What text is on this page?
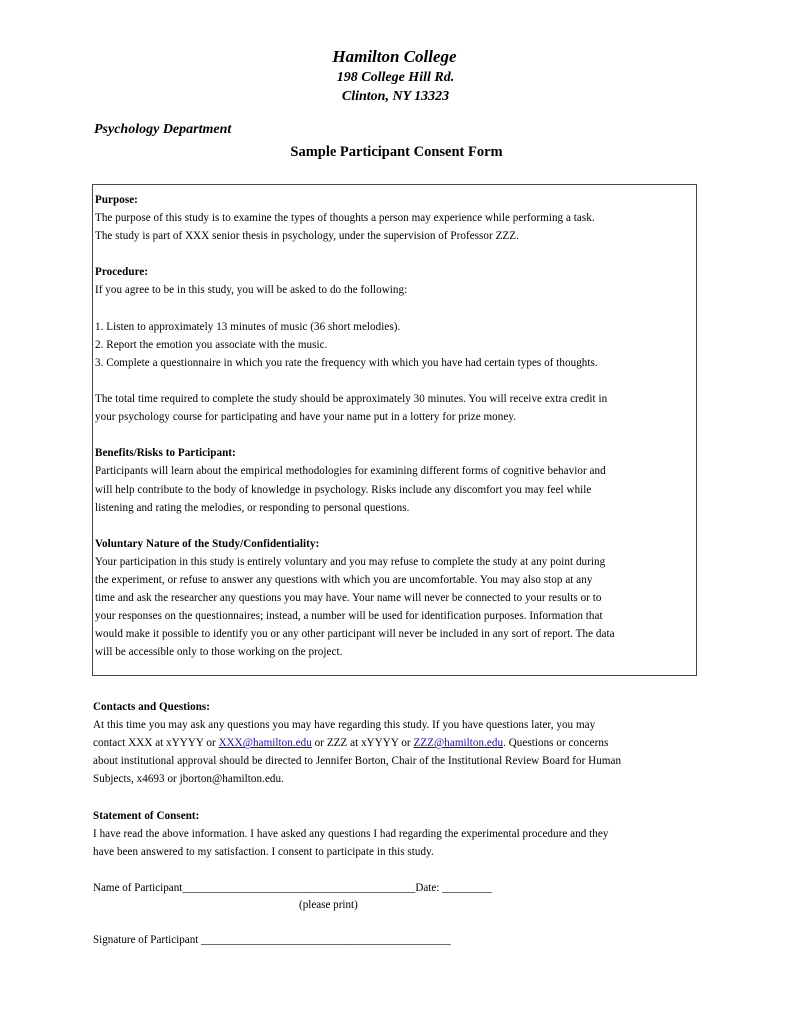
Hamilton College
198 College Hill Rd.
Clinton, NY 13323
Psychology Department
Sample Participant Consent Form
Purpose:
The purpose of this study is to examine the types of thoughts a person may experience while performing a task.
The study is part of XXX senior thesis in psychology, under the supervision of Professor ZZZ.
Procedure:
If you agree to be in this study, you will be asked to do the following:
1. Listen to approximately 13 minutes of music (36 short melodies).
2. Report the emotion you associate with the music.
3. Complete a questionnaire in which you rate the frequency with which you have had certain types of thoughts.
The total time required to complete the study should be approximately 30 minutes. You will receive extra credit in
your psychology course for participating and have your name put in a lottery for prize money.
Benefits/Risks to Participant:
Participants will learn about the empirical methodologies for examining different forms of cognitive behavior and
will help contribute to the body of knowledge in psychology. Risks include any discomfort you may feel while
listening and rating the melodies, or responding to personal questions.
Voluntary Nature of the Study/Confidentiality:
Your participation in this study is entirely voluntary and you may refuse to complete the study at any point during
the experiment, or refuse to answer any questions with which you are uncomfortable. You may also stop at any
time and ask the researcher any questions you may have. Your name will never be connected to your results or to
your responses on the questionnaires; instead, a number will be used for identification purposes. Information that
would make it possible to identify you or any other participant will never be included in any sort of report. The data
will be accessible only to those working on the project.
Contacts and Questions:
At this time you may ask any questions you may have regarding this study. If you have questions later, you may
contact XXX at xYYYY or XXX@hamilton.edu or ZZZ at xYYYY or ZZZ@hamilton.edu. Questions or concerns
about institutional approval should be directed to Jennifer Borton, Chair of the Institutional Review Board for Human
Subjects, x4693 or jborton@hamilton.edu.
Statement of Consent:
I have read the above information. I have asked any questions I had regarding the experimental procedure and they
have been answered to my satisfaction. I consent to participate in this study.
Name of Participant__________________________________________Date: _________
(please print)
Signature of Participant _____________________________________________
